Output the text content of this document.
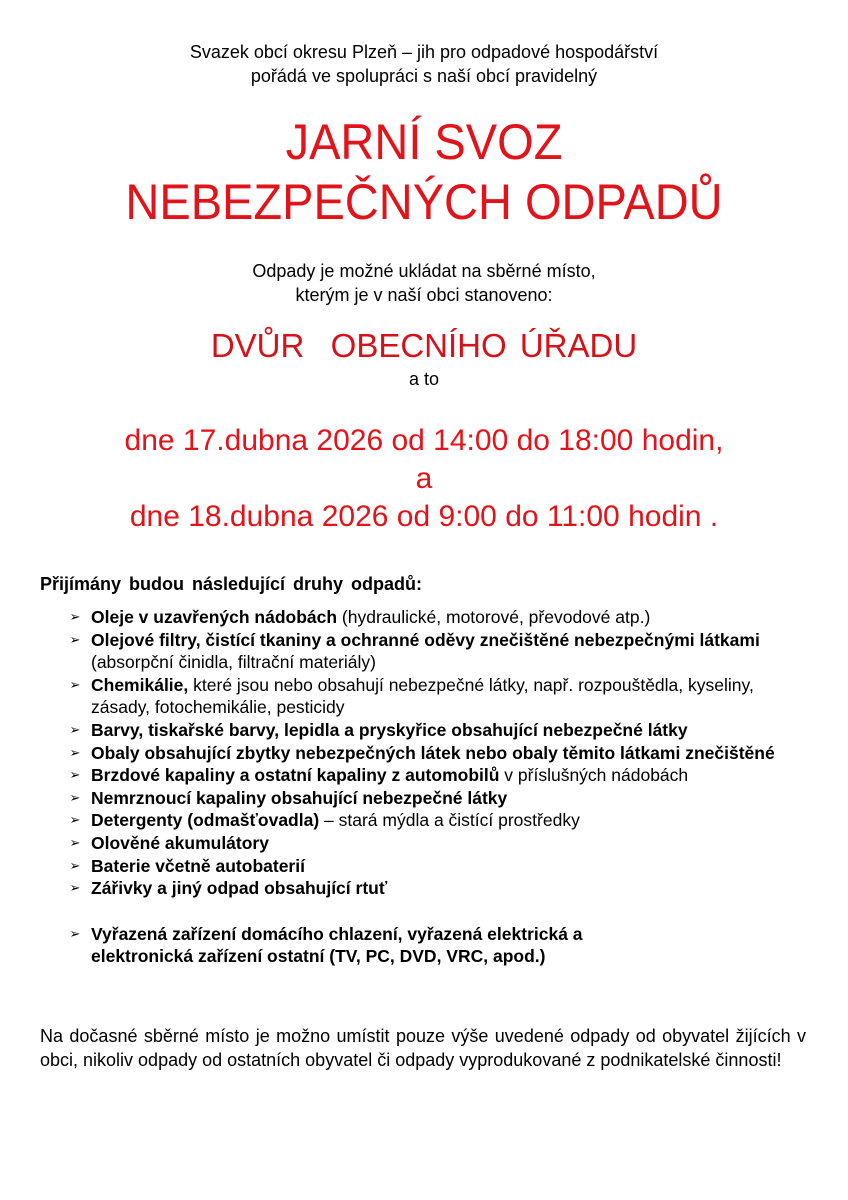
Svazek obcí okresu Plzeň – jih pro odpadové hospodářství
pořádá ve spolupráci s naší obcí pravidelný
JARNÍ SVOZ
NEBEZPEČNÝCH ODPADŮ
Odpady je možné ukládat na sběrné místo,
kterým je v naší obci stanoveno:
DVŮR  OBECNÍHO ÚŘADU
a to
dne 17.dubna 2026 od 14:00 do 18:00 hodin,
a
dne 18.dubna 2026 od 9:00 do 11:00 hodin .
Přijímány budou následující druhy odpadů:
➢ Oleje v uzavřených nádobách (hydraulické, motorové, převodové atp.)
➢ Olejové filtry, čistící tkaniny a ochranné oděvy znečištěné nebezpečnými látkami (absorpční činidla, filtrační materiály)
➢ Chemikálie, které jsou nebo obsahují nebezpečné látky, např. rozpouštědla, kyseliny, zásady, fotochemikálie, pesticidy
➢ Barvy, tiskařské barvy, lepidla a pryskyřice obsahující nebezpečné látky
➢ Obaly obsahující zbytky nebezpečných látek nebo obaly těmito látkami znečištěné
➢ Brzdové kapaliny a ostatní kapaliny z automobilů v příslušných nádobách
➢ Nemrznoucí kapaliny obsahující nebezpečné látky
➢ Detergenty (odmašťovadla) – stará mýdla a čistící prostředky
➢ Olověné akumulátory
➢ Baterie včetně autobaterií
➢ Zářivky a jiný odpad obsahující rtuť
➢ Vyřazená zařízení domácího chlazení, vyřazená elektrická a elektronická zařízení ostatní (TV, PC, DVD, VRC, apod.)
Na dočasné sběrné místo je možno umístit pouze výše uvedené odpady od obyvatel žijících v obci, nikoliv odpady od ostatních obyvatel či odpady vyprodukované z podnikatelské činnosti!
